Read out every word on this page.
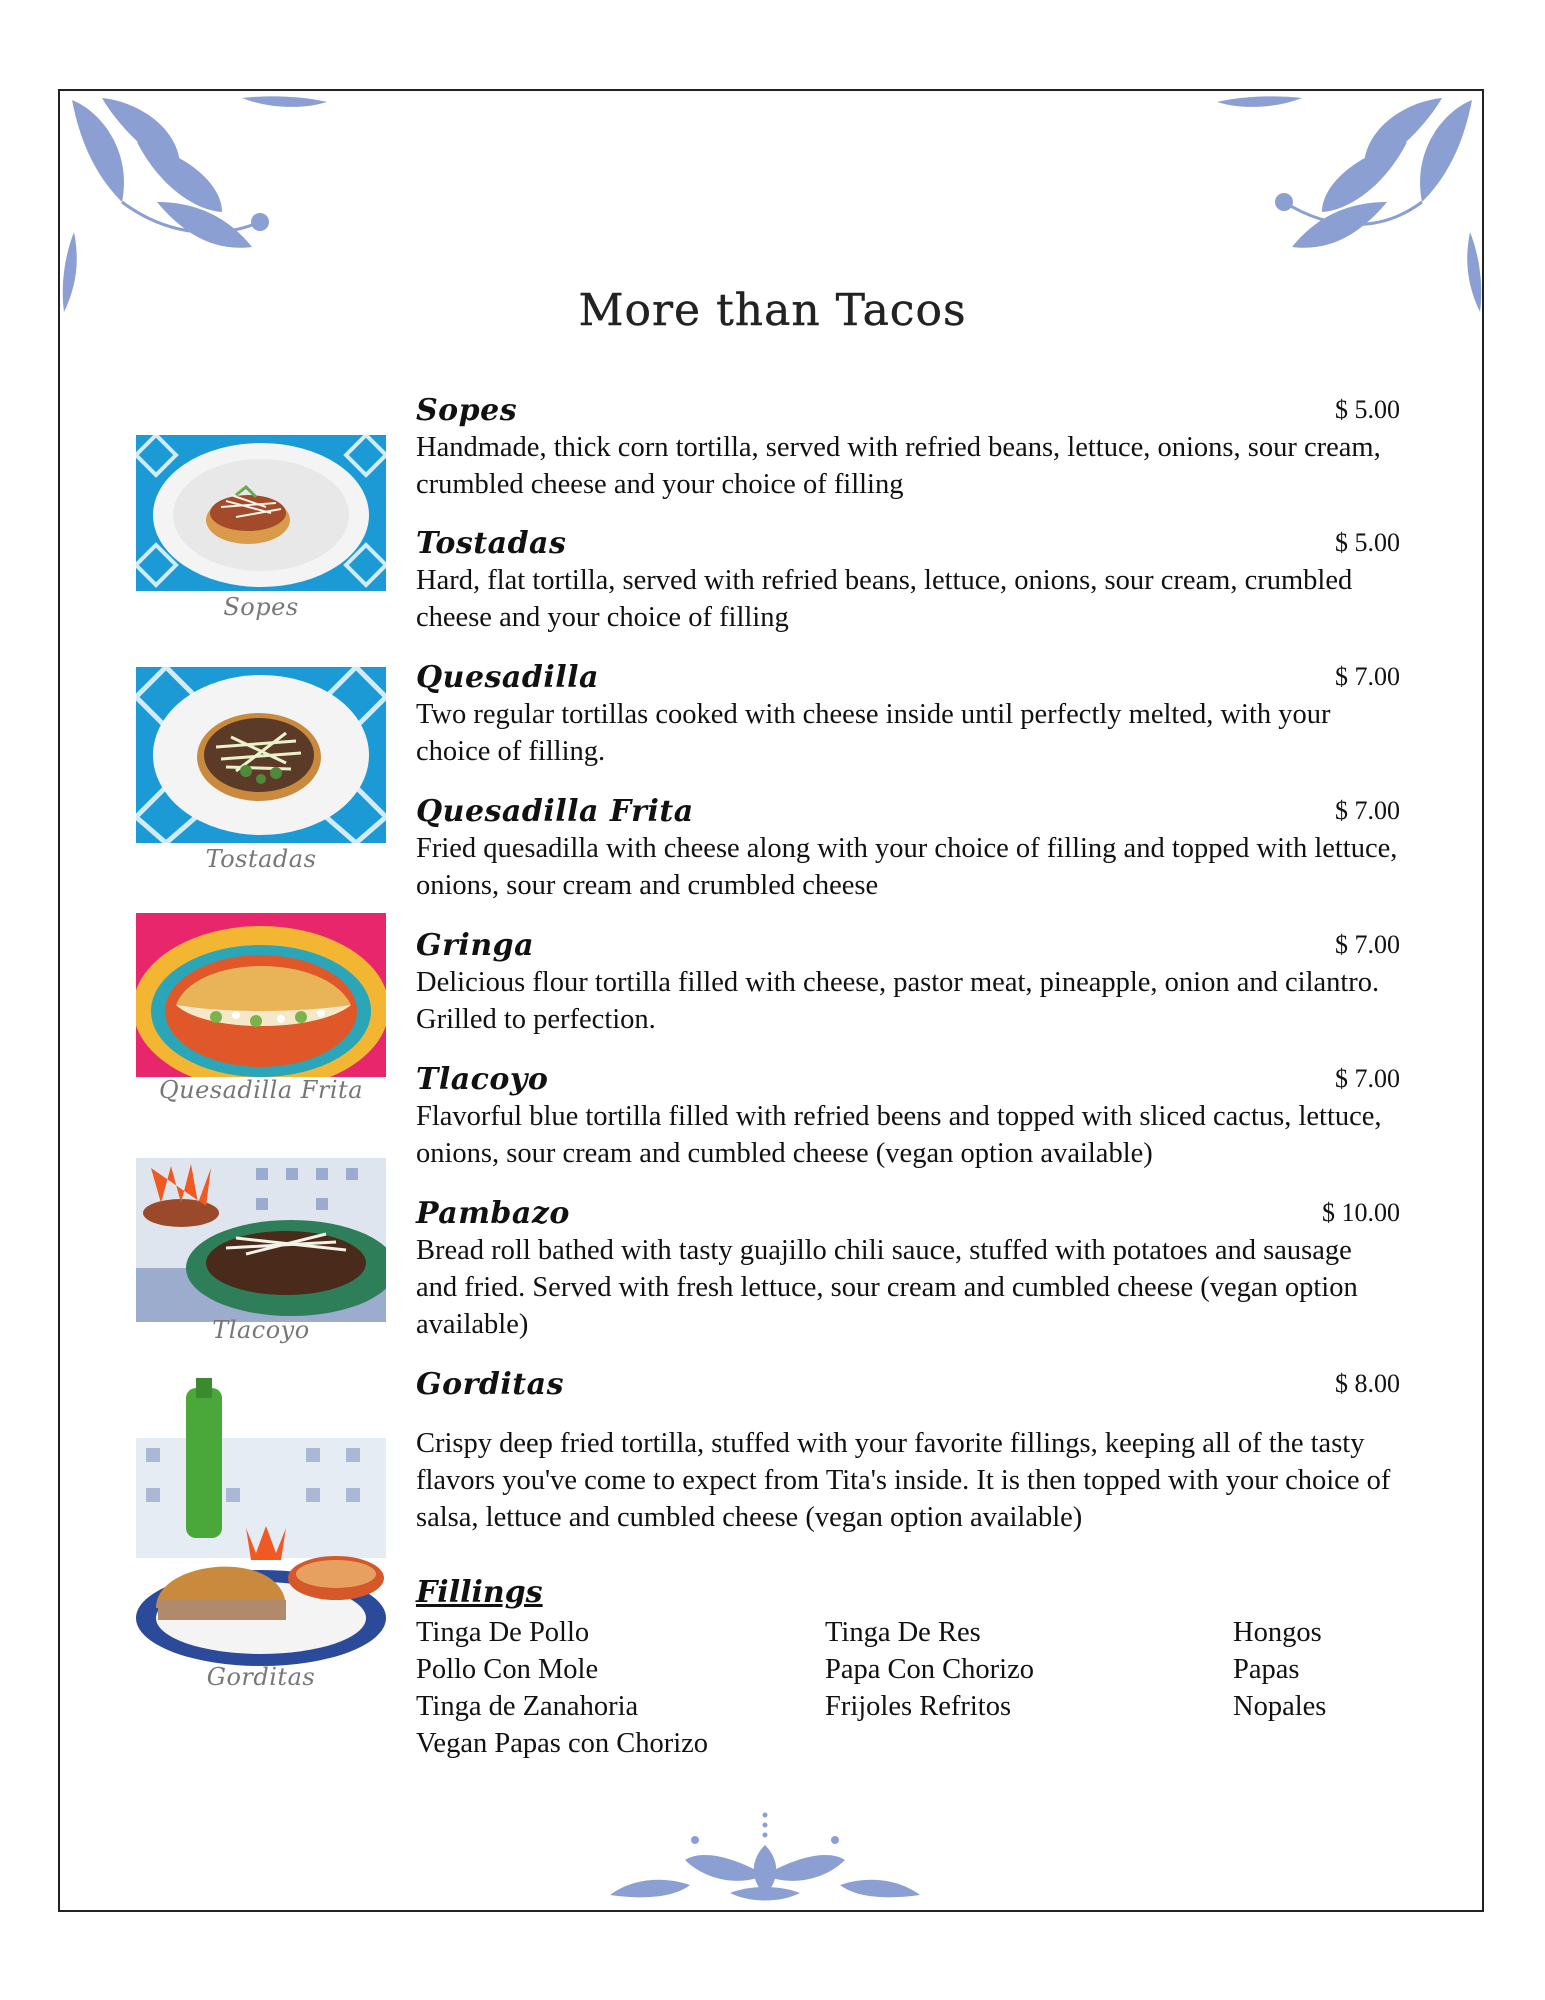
More than Tacos
Sopes
Tostadas
Quesadilla Frita
Tlacoyo
Gorditas
Sopes	$ 5.00
Handmade, thick corn tortilla, served with refried beans, lettuce, onions, sour cream, crumbled cheese and your choice of filling
Tostadas	$ 5.00
Hard, flat tortilla, served with refried beans, lettuce, onions, sour cream, crumbled cheese and your choice of filling
Quesadilla	$ 7.00
Two regular tortillas cooked with cheese inside until perfectly melted, with your choice of filling.
Quesadilla Frita	$ 7.00
Fried quesadilla with cheese along with your choice of filling and topped with lettuce, onions, sour cream and crumbled cheese
Gringa	$ 7.00
Delicious flour tortilla filled with cheese, pastor meat, pineapple, onion and cilantro. Grilled to perfection.
Tlacoyo	$ 7.00
Flavorful blue tortilla filled with refried beens and topped with sliced cactus, lettuce, onions, sour cream and cumbled cheese (vegan option available)
Pambazo	$ 10.00
Bread roll bathed with tasty guajillo chili sauce, stuffed with potatoes and sausage and fried. Served with fresh lettuce, sour cream and cumbled cheese (vegan option available)
Gorditas	$ 8.00
Crispy deep fried tortilla, stuffed with your favorite fillings, keeping all of the tasty flavors you've come to expect from Tita's inside. It is then topped with your choice of salsa, lettuce and cumbled cheese (vegan option available)
Fillings
Tinga De Pollo
Pollo Con Mole
Tinga de Zanahoria
Vegan Papas con Chorizo
Tinga De Res
Papa Con Chorizo
Frijoles Refritos
Hongos
Papas
Nopales
